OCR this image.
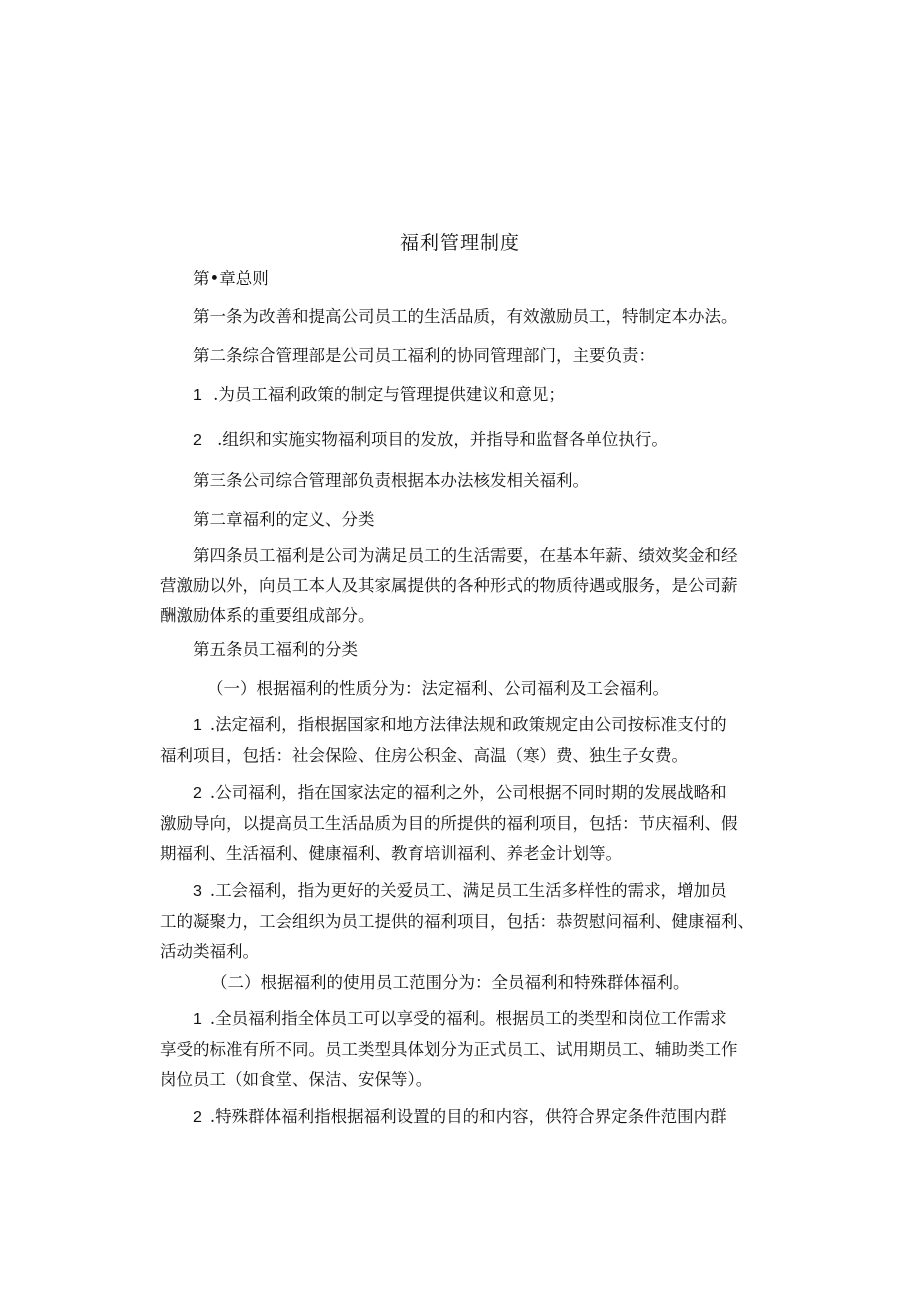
福利管理制度
第•章总则
第一条为改善和提高公司员工的生活品质，有效激励员工，特制定本办法。
第二条综合管理部是公司员工福利的协同管理部门，主要负责：
1 .为员工福利政策的制定与管理提供建议和意见；
2 .组织和实施实物福利项目的发放，并指导和监督各单位执行。
第三条公司综合管理部负责根据本办法核发相关福利。
第二章福利的定义、分类
第四条员工福利是公司为满足员工的生活需要，在基本年薪、绩效奖金和经
营激励以外，向员工本人及其家属提供的各种形式的物质待遇或服务，是公司薪
酬激励体系的重要组成部分。
第五条员工福利的分类
（一）根据福利的性质分为：法定福利、公司福利及工会福利。
1 .法定福利，指根据国家和地方法律法规和政策规定由公司按标准支付的
福利项目，包括：社会保险、住房公积金、高温（寒）费、独生子女费。
2 .公司福利，指在国家法定的福利之外，公司根据不同时期的发展战略和
激励导向，以提高员工生活品质为目的所提供的福利项目，包括：节庆福利、假
期福利、生活福利、健康福利、教育培训福利、养老金计划等。
3 .工会福利，指为更好的关爱员工、满足员工生活多样性的需求，增加员
工的凝聚力，工会组织为员工提供的福利项目，包括：恭贺慰问福利、健康福利、
活动类福利。
（二）根据福利的使用员工范围分为：全员福利和特殊群体福利。
1 .全员福利指全体员工可以享受的福利。根据员工的类型和岗位工作需求
享受的标准有所不同。员工类型具体划分为正式员工、试用期员工、辅助类工作
岗位员工（如食堂、保洁、安保等）。
2 .特殊群体福利指根据福利设置的目的和内容，供符合界定条件范围内群
